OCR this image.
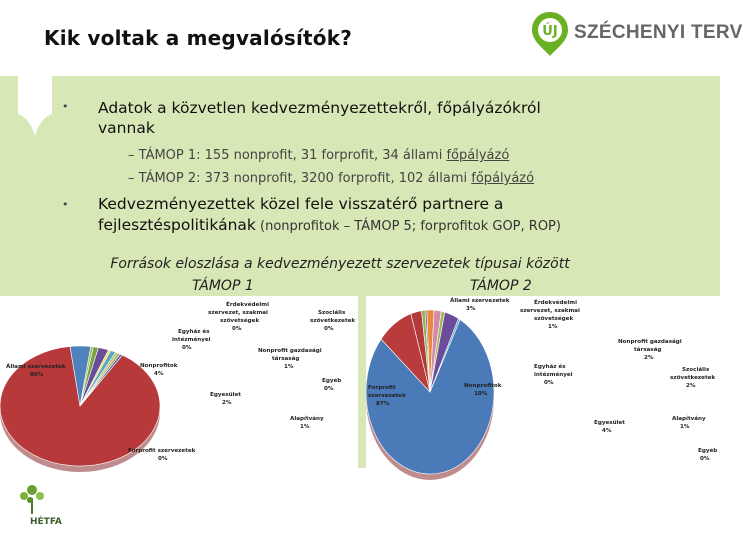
Kik voltak a megvalósítók?	ÚJ SZÉCHENYI TERV
• Adatok a közvetlen kedvezményezettekről, főpályázókról
vannak
– TÁMOP 1: 155 nonprofit, 31 forprofit, 34 állami főpályázó
– TÁMOP 2: 373 nonprofit, 3200 forprofit, 102 állami főpályázó
• Kedvezményezettek közel fele visszatérő partnere a
fejlesztéspolitikának (nonprofitok – TÁMOP 5; forprofitok GOP, ROP)
Források eloszlása a kedvezményezett szervezetek típusai között
TÁMOP 1	TÁMOP 2
Állami szervezetek
86%
Nonprofitok
4%
Forprofit szervezetek
0%
Alapítvány
1%
Egyesület
2%
Egyéb
0%
Nonprofit gazdasági
társaság
1%
Szociális
szövetkezetek
0%
Érdekvédelmi
szervezet, szakmai
szövetségek
0%
Egyház és
intézményei
0%
Forprofit
szervezetek
87%
Nonprofitok
10%
Állami szervezetek
3%
Érdekvédelmi
szervezet, szakmai
szövetségek
1%
Egyház és
intézményei
0%
Nonprofit gazdasági
társaság
2%
Szociális
szövetkezetek
2%
Alapítvány
1%
Egyesület
4%
Egyéb
0%
HÉTFA
